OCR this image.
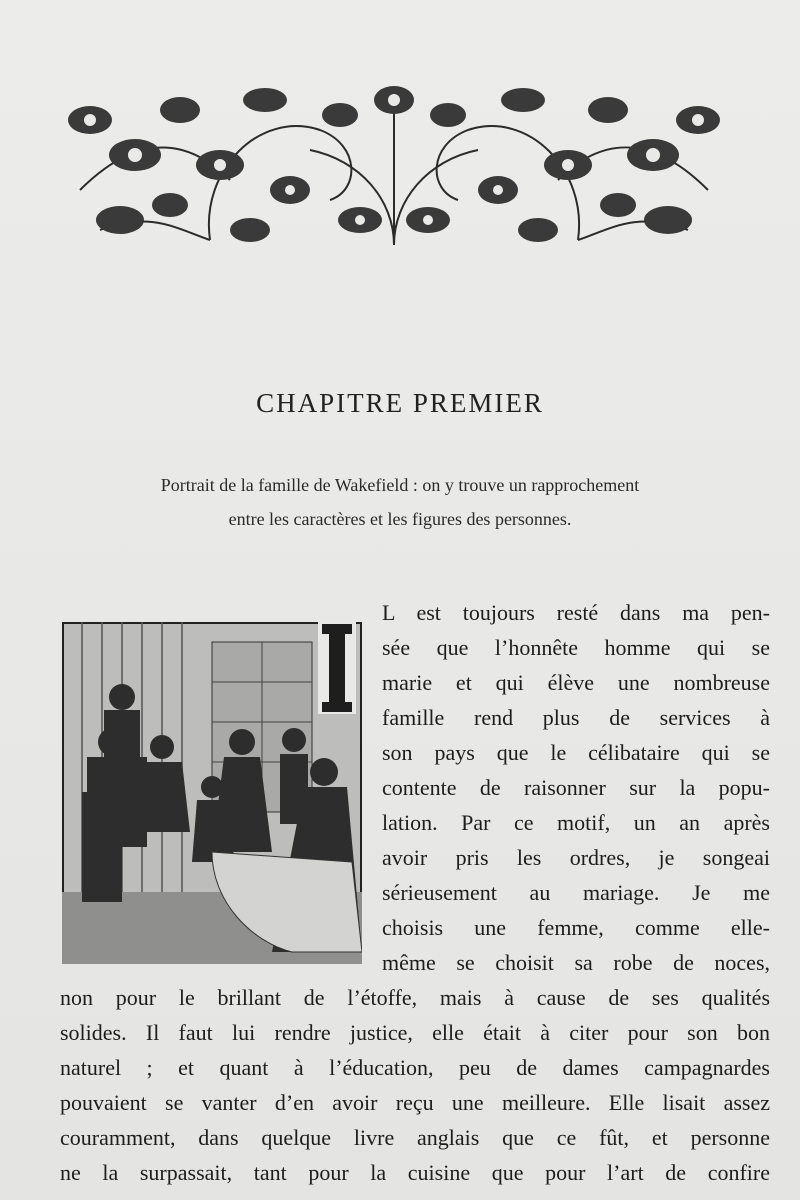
CHAPITRE PREMIER
Portrait de la famille de Wakefield : on y trouve un rapprochement
entre les caractères et les figures des personnes.
L est toujours resté dans ma pen-
sée que l’honnête homme qui se
marie et qui élève une nombreuse
famille rend plus de services à
son pays que le célibataire qui se
contente de raisonner sur la popu-
lation. Par ce motif, un an après
avoir pris les ordres, je songeai
sérieusement au mariage. Je me
choisis une femme, comme elle-
même se choisit sa robe de noces,
non pour le brillant de l’étoffe, mais à cause de ses qualités
solides. Il faut lui rendre justice, elle était à citer pour son bon
naturel ; et quant à l’éducation, peu de dames campagnardes
pouvaient se vanter d’en avoir reçu une meilleure. Elle lisait assez
couramment, dans quelque livre anglais que ce fût, et personne
ne la surpassait, tant pour la cuisine que pour l’art de confire
